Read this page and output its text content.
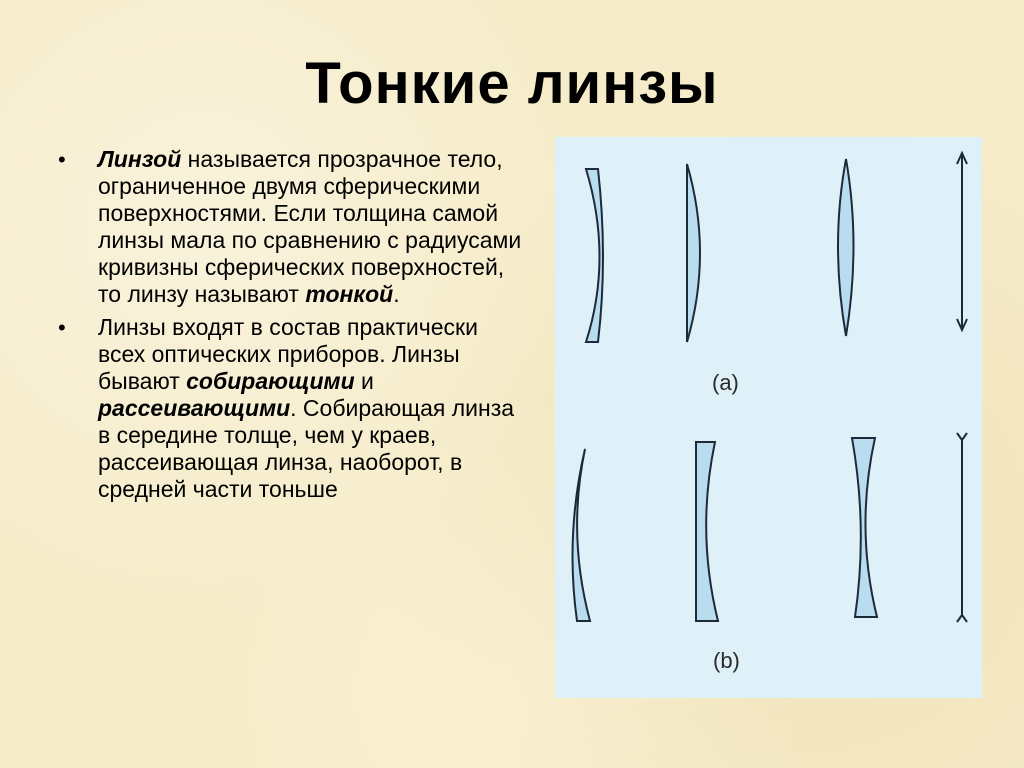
Тонкие линзы
• Линзой называется прозрачное тело, ограниченное двумя сферическими поверхностями. Если толщина самой линзы мала по сравнению с радиусами кривизны сферических поверхностей, то линзу называют тонкой.
• Линзы входят в состав практически всех оптических приборов. Линзы бывают собирающими и рассеивающими. Собирающая линза в середине толще, чем у краев, рассеивающая линза, наоборот, в средней части тоньше
(a)
(b)
